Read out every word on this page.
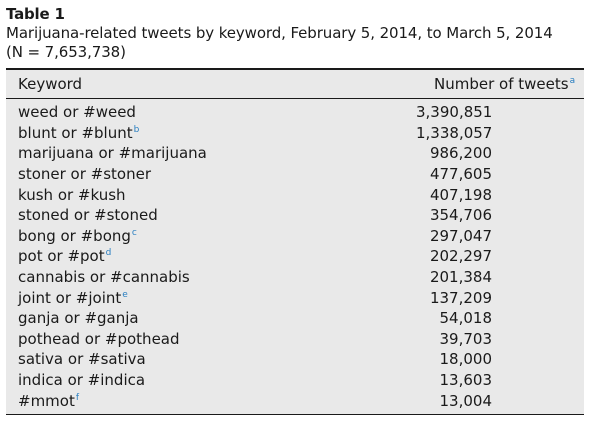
Table 1
Marijuana-related tweets by keyword, February 5, 2014, to March 5, 2014
(N = 7,653,738)
Keyword	Number of tweets$^a$
weed or #weed	3,390,851
blunt or #blunt$^b$	1,338,057
marijuana or #marijuana	986,200
stoner or #stoner	477,605
kush or #kush	407,198
stoned or #stoned	354,706
bong or #bong$^c$	297,047
pot or #pot$^d$	202,297
cannabis or #cannabis	201,384
joint or #joint$^e$	137,209
ganja or #ganja	54,018
pothead or #pothead	39,703
sativa or #sativa	18,000
indica or #indica	13,603
#mmot$^f$	13,004
